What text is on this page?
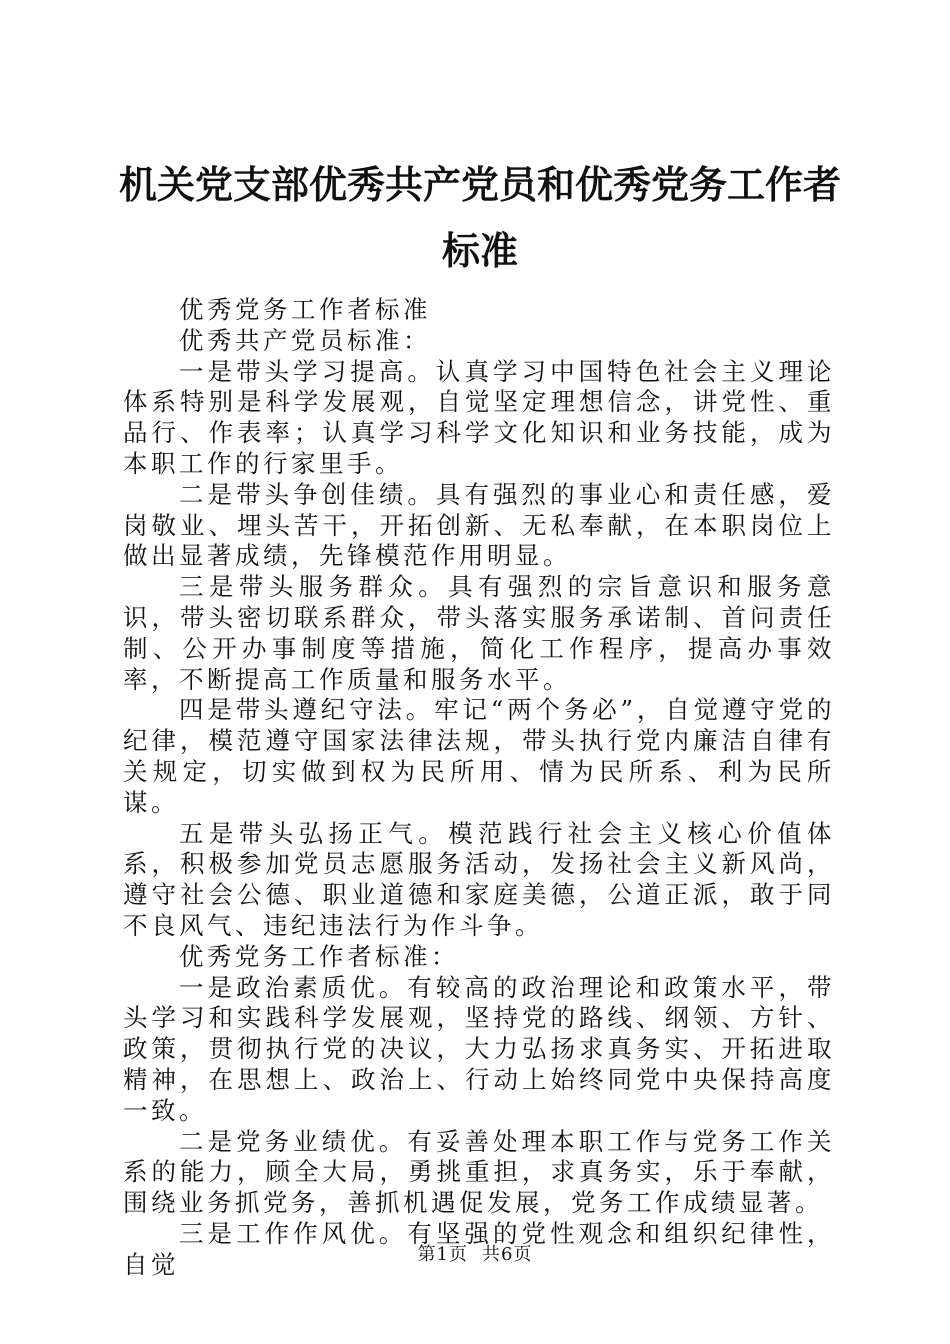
机关党支部优秀共产党员和优秀党务工作者标准

优秀党务工作者标准

优秀共产党员标准：

一是带头学习提高。认真学习中国特色社会主义理论体系特别是科学发展观，自觉坚定理想信念，讲党性、重品行、作表率；认真学习科学文化知识和业务技能，成为本职工作的行家里手。

二是带头争创佳绩。具有强烈的事业心和责任感，爱岗敬业、埋头苦干，开拓创新、无私奉献，在本职岗位上做出显著成绩，先锋模范作用明显。

三是带头服务群众。具有强烈的宗旨意识和服务意识，带头密切联系群众，带头落实服务承诺制、首问责任制、公开办事制度等措施，简化工作程序，提高办事效率，不断提高工作质量和服务水平。

四是带头遵纪守法。牢记“两个务必”，自觉遵守党的纪律，模范遵守国家法律法规，带头执行党内廉洁自律有关规定，切实做到权为民所用、情为民所系、利为民所谋。

五是带头弘扬正气。模范践行社会主义核心价值体系，积极参加党员志愿服务活动，发扬社会主义新风尚，遵守社会公德、职业道德和家庭美德，公道正派，敢于同不良风气、违纪违法行为作斗争。

优秀党务工作者标准：

一是政治素质优。有较高的政治理论和政策水平，带头学习和实践科学发展观，坚持党的路线、纲领、方针、政策，贯彻执行党的决议，大力弘扬求真务实、开拓进取精神，在思想上、政治上、行动上始终同党中央保持高度一致。

二是党务业绩优。有妥善处理本职工作与党务工作关系的能力，顾全大局，勇挑重担，求真务实，乐于奉献，围绕业务抓党务，善抓机遇促发展，党务工作成绩显著。

三是工作作风优。有坚强的党性观念和组织纪律性，自觉	第1页 共6页
